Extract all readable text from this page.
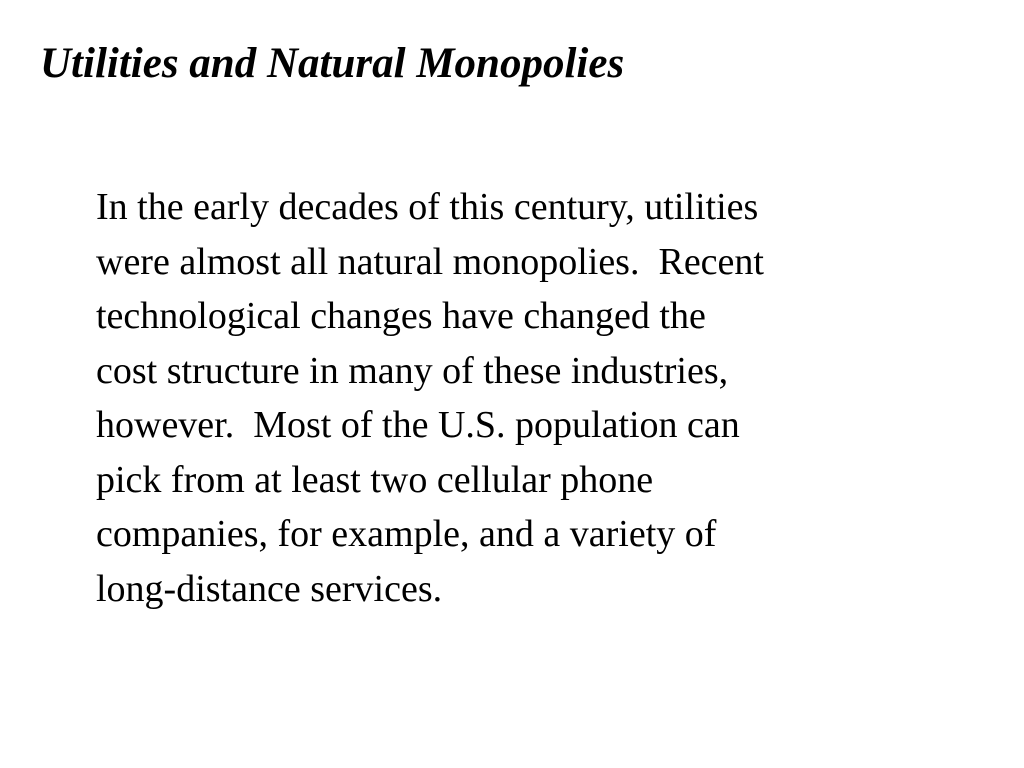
Utilities and Natural Monopolies

In the early decades of this century, utilities
were almost all natural monopolies.  Recent
technological changes have changed the
cost structure in many of these industries,
however.  Most of the U.S. population can
pick from at least two cellular phone
companies, for example, and a variety of
long-distance services.
